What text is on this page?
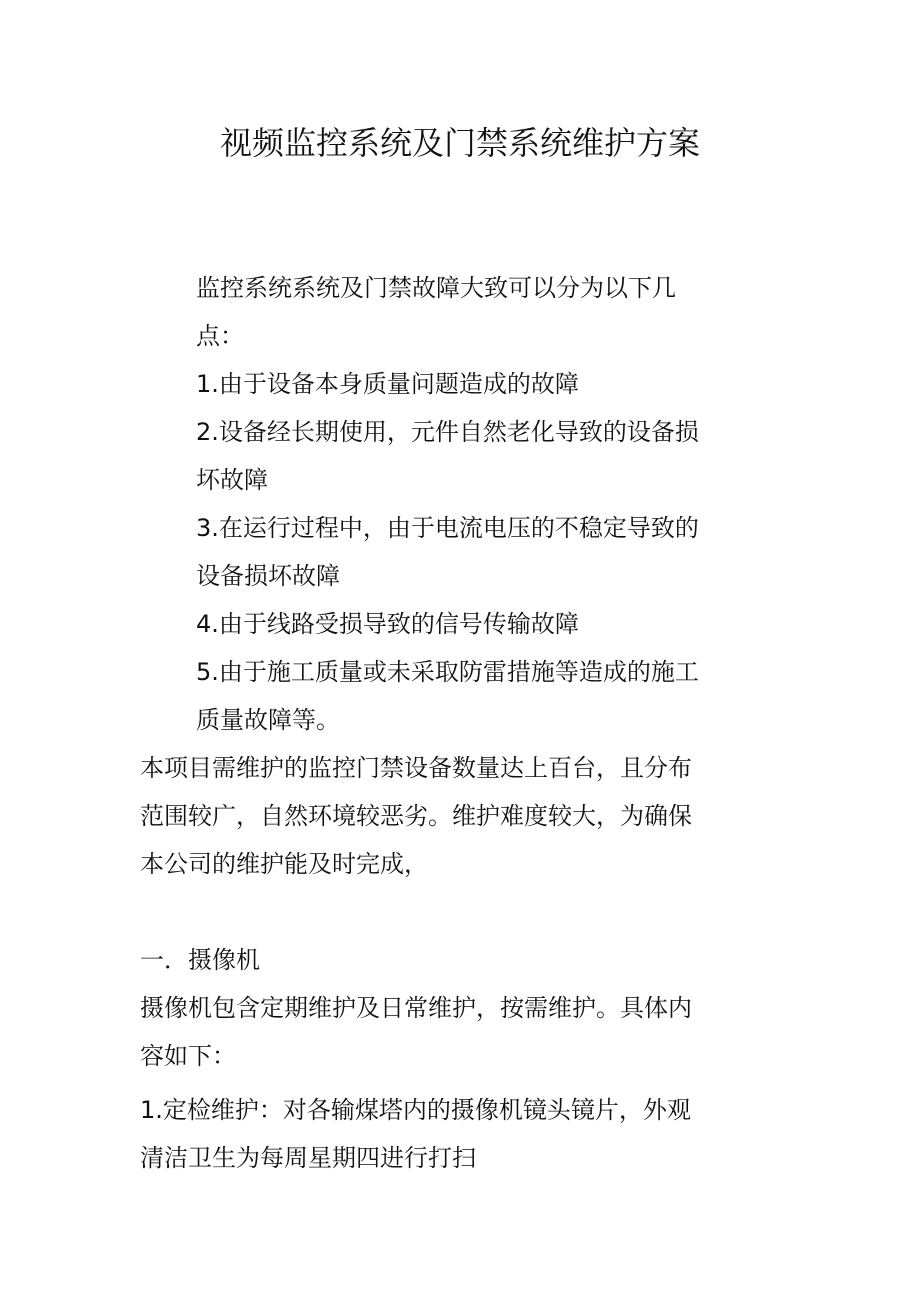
视频监控系统及门禁系统维护方案

监控系统系统及门禁故障大致可以分为以下几
点：

1.由于设备本身质量问题造成的故障

2.设备经长期使用，元件自然老化导致的设备损
坏故障

3.在运行过程中，由于电流电压的不稳定导致的
设备损坏故障

4.由于线路受损导致的信号传输故障

5.由于施工质量或未采取防雷措施等造成的施工
质量故障等。

本项目需维护的监控门禁设备数量达上百台，且分布
范围较广，自然环境较恶劣。维护难度较大，为确保
本公司的维护能及时完成，

一．摄像机

摄像机包含定期维护及日常维护，按需维护。具体内
容如下：

1.定检维护：对各输煤塔内的摄像机镜头镜片，外观
清洁卫生为每周星期四进行打扫
